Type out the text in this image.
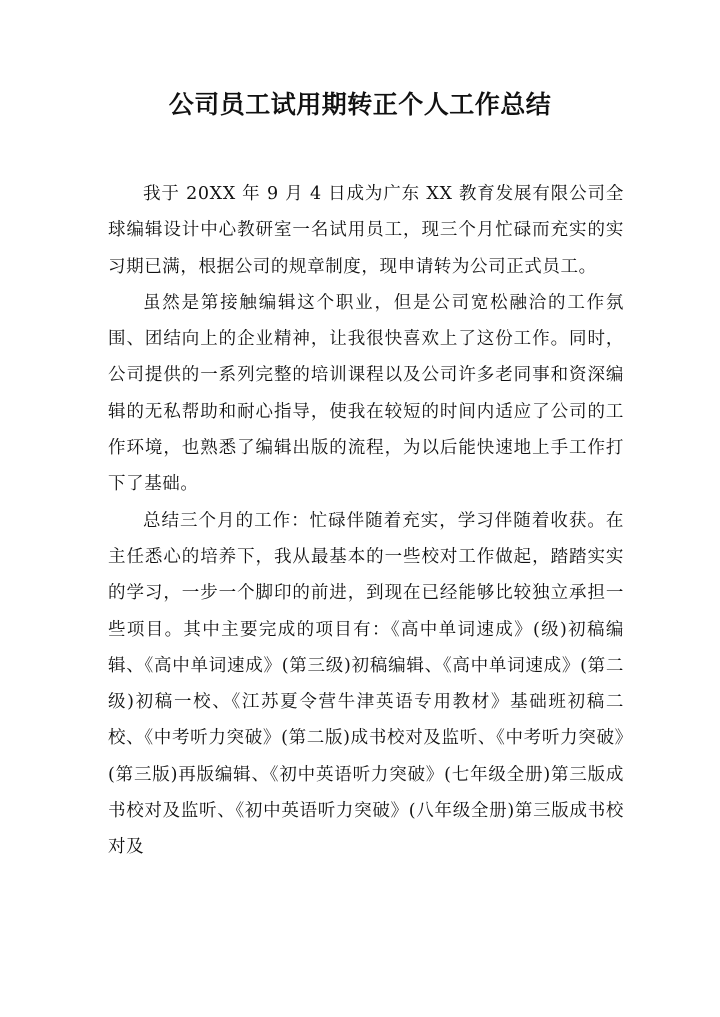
公司员工试用期转正个人工作总结

我于 20XX 年 9 月 4 日成为广东 XX 教育发展有限公司全球编辑设计中心教研室一名试用员工，现三个月忙碌而充实的实习期已满，根据公司的规章制度，现申请转为公司正式员工。

虽然是第接触编辑这个职业，但是公司宽松融洽的工作氛围、团结向上的企业精神，让我很快喜欢上了这份工作。同时，公司提供的一系列完整的培训课程以及公司许多老同事和资深编辑的无私帮助和耐心指导，使我在较短的时间内适应了公司的工作环境，也熟悉了编辑出版的流程，为以后能快速地上手工作打下了基础。

总结三个月的工作：忙碌伴随着充实，学习伴随着收获。在主任悉心的培养下，我从最基本的一些校对工作做起，踏踏实实的学习，一步一个脚印的前进，到现在已经能够比较独立承担一些项目。其中主要完成的项目有：《高中单词速成》(级)初稿编辑、《高中单词速成》(第三级)初稿编辑、《高中单词速成》(第二级)初稿一校、《江苏夏令营牛津英语专用教材》基础班初稿二校、《中考听力突破》(第二版)成书校对及监听、《中考听力突破》(第三版)再版编辑、《初中英语听力突破》(七年级全册)第三版成书校对及监听、《初中英语听力突破》(八年级全册)第三版成书校对及
